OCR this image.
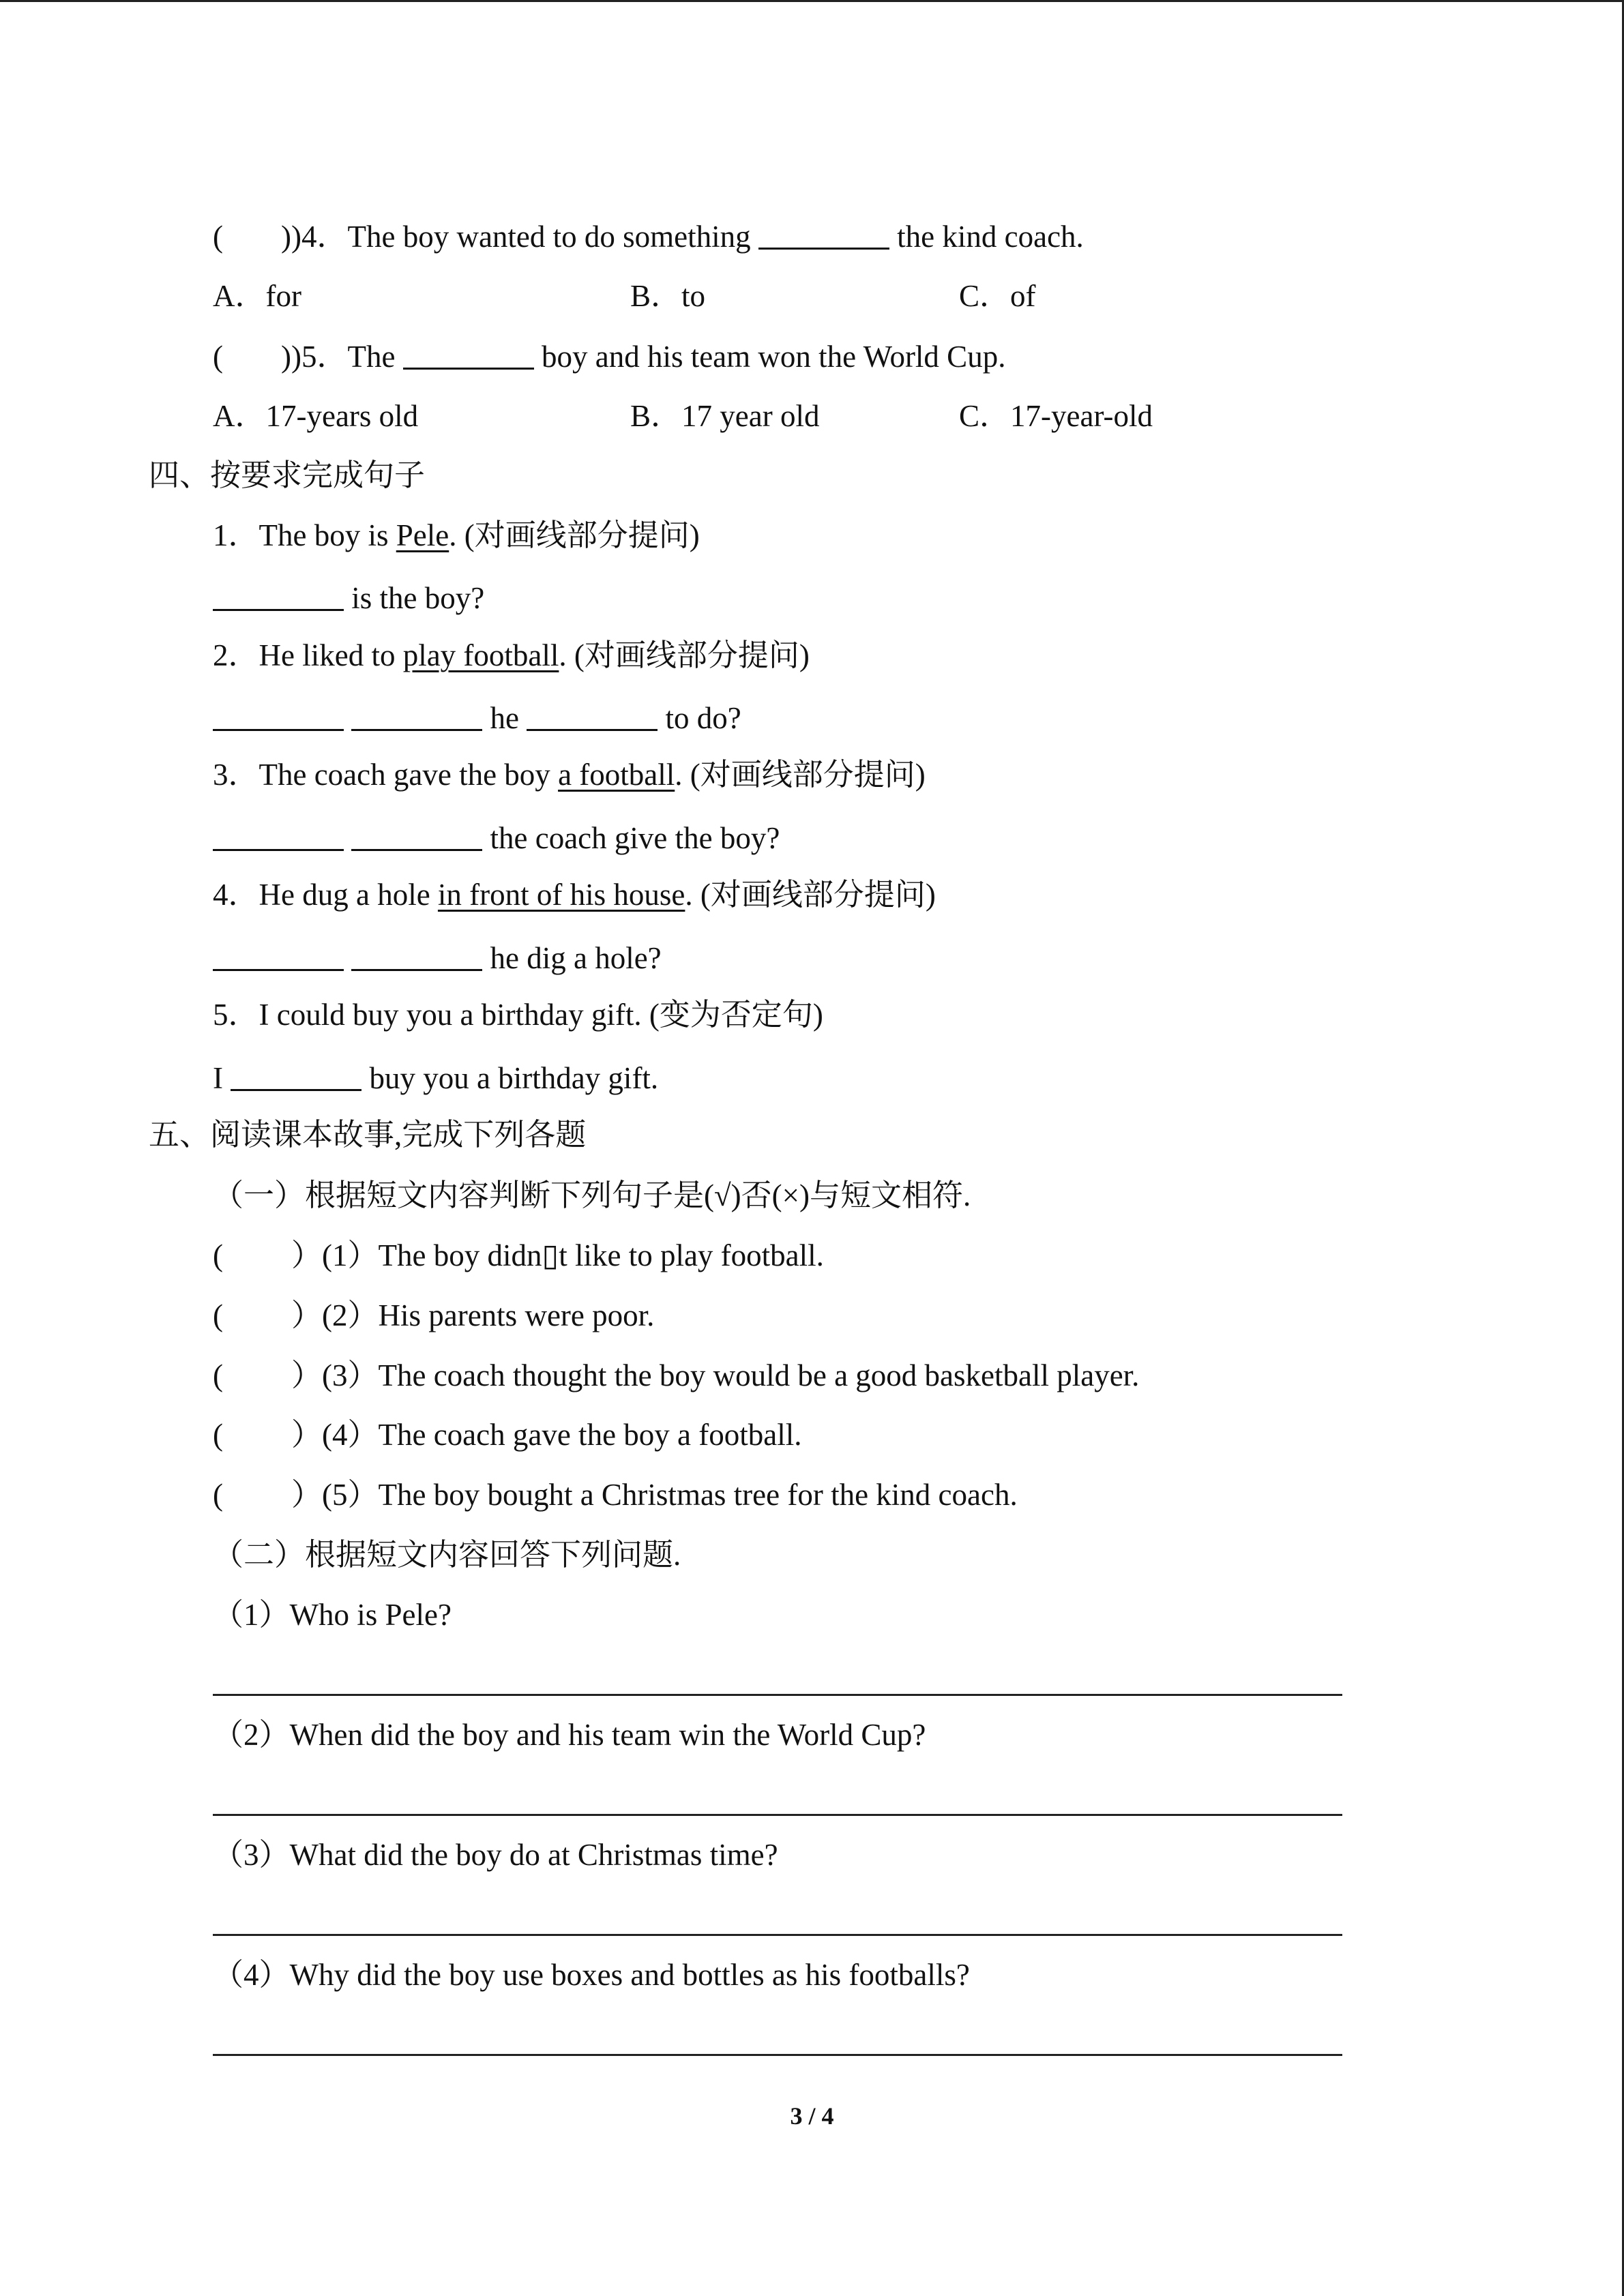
( ))4．The boy wanted to do something	the kind coach.
A．for	B．to	C．of
( ))5．The	boy and his team won the World Cup.
A．17-years old	B．17 year old	C．17-year-old
四、按要求完成句子
1．The boy is Pele. (对画线部分提问)
is the boy?
2．He liked to play football. (对画线部分提问)
he	to do?
3．The coach gave the boy a football. (对画线部分提问)
the coach give the boy?
4．He dug a hole in front of his house. (对画线部分提问)
he dig a hole?
5．I could buy you a birthday gift. (变为否定句)
I	buy you a birthday gift.
五、阅读课本故事,完成下列各题
（一）根据短文内容判断下列句子是(√)否(×)与短文相符.
( ）(1）The boy didn▯t like to play football.
( ）(2）His parents were poor.
( ）(3）The coach thought the boy would be a good basketball player.
( ）(4）The coach gave the boy a football.
( ）(5）The boy bought a Christmas tree for the kind coach.
（二）根据短文内容回答下列问题.
（1）Who is Pele?
（2）When did the boy and his team win the World Cup?
（3）What did the boy do at Christmas time?
（4）Why did the boy use boxes and bottles as his footballs?
3 / 4
